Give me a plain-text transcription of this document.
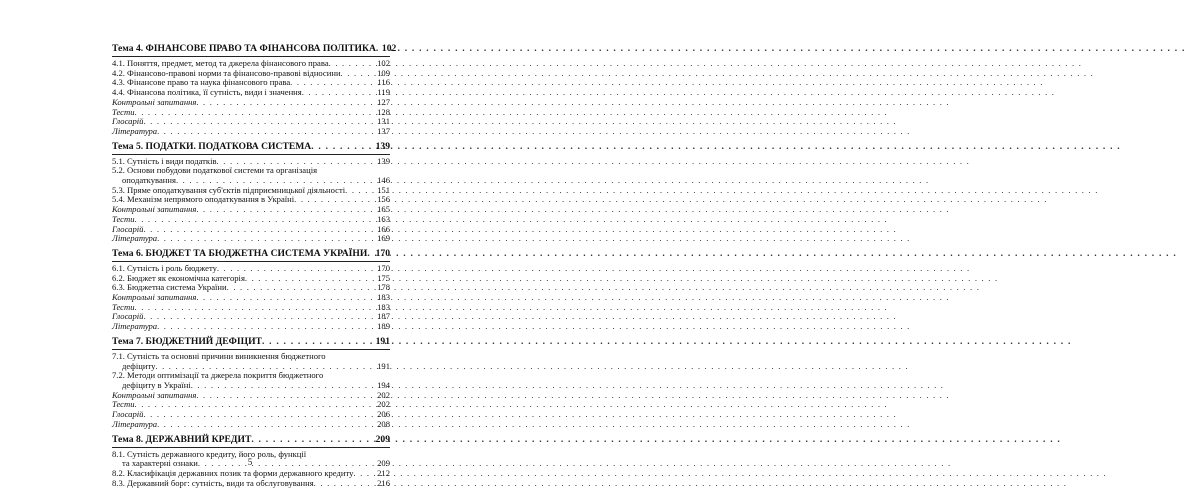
Тема 4. ФІНАНСОВЕ ПРАВО ТА ФІНАНСОВА ПОЛІТИКА . . . 102
4.1. Поняття, предмет, метод та джерела фінансового права . . .	102
4.2. Фінансово-правові норми та фінансово-правові відносини . . .	109
4.3. Фінансове право та наука фінансового права . . .	116
4.4. Фінансова політика, її сутність, види і значення . . .	119
Контрольні запитання . . .	127
Тести . . .	128
Глосарій . . .	131
Література . . .	137
Тема 5. ПОДАТКИ. ПОДАТКОВА СИСТЕМА . . .	139
5.1. Сутність і види податків . . .	139
5.2. Основи побудови податкової системи та організація
оподаткування . . .	146
5.3. Пряме оподаткування суб'єктів підприємницької діяльності . . .	151
5.4. Механізм непрямого оподаткування в Україні . . .	156
Контрольні запитання . . .	165
Тести . . .	163
Глосарій . . .	166
Література . . .	169
Тема 6. БЮДЖЕТ ТА БЮДЖЕТНА СИСТЕМА УКРАЇНИ . . . 170
6.1. Сутність і роль бюджету . . .	170
6.2. Бюджет як економічна категорія . . .	175
6.3. Бюджетна система України . . .	178
Контрольні запитання . . .	183
Тести . . .	183
Глосарій . . .	187
Література . . .	189
Тема 7. БЮДЖЕТНИЙ ДЕФІЦИТ . . .	191
7.1. Сутність та основні причини виникнення бюджетного
дефіциту . . .	191
7.2. Методи оптимізації та джерела покриття бюджетного
дефіциту в Україні . . .	194
Контрольні запитання . . .	202
Тести . . .	202
Глосарій . . .	206
Література . . .	208
Тема 8. ДЕРЖАВНИЙ КРЕДИТ . . .	209
8.1. Сутність державного кредиту, його роль, функції
та характерні ознаки . . .	209
8.2. Класифікація державних позик та форми державного кредиту . . .	212
8.3. Державний борг: сутність, види та обслуговування . . .	216
5
